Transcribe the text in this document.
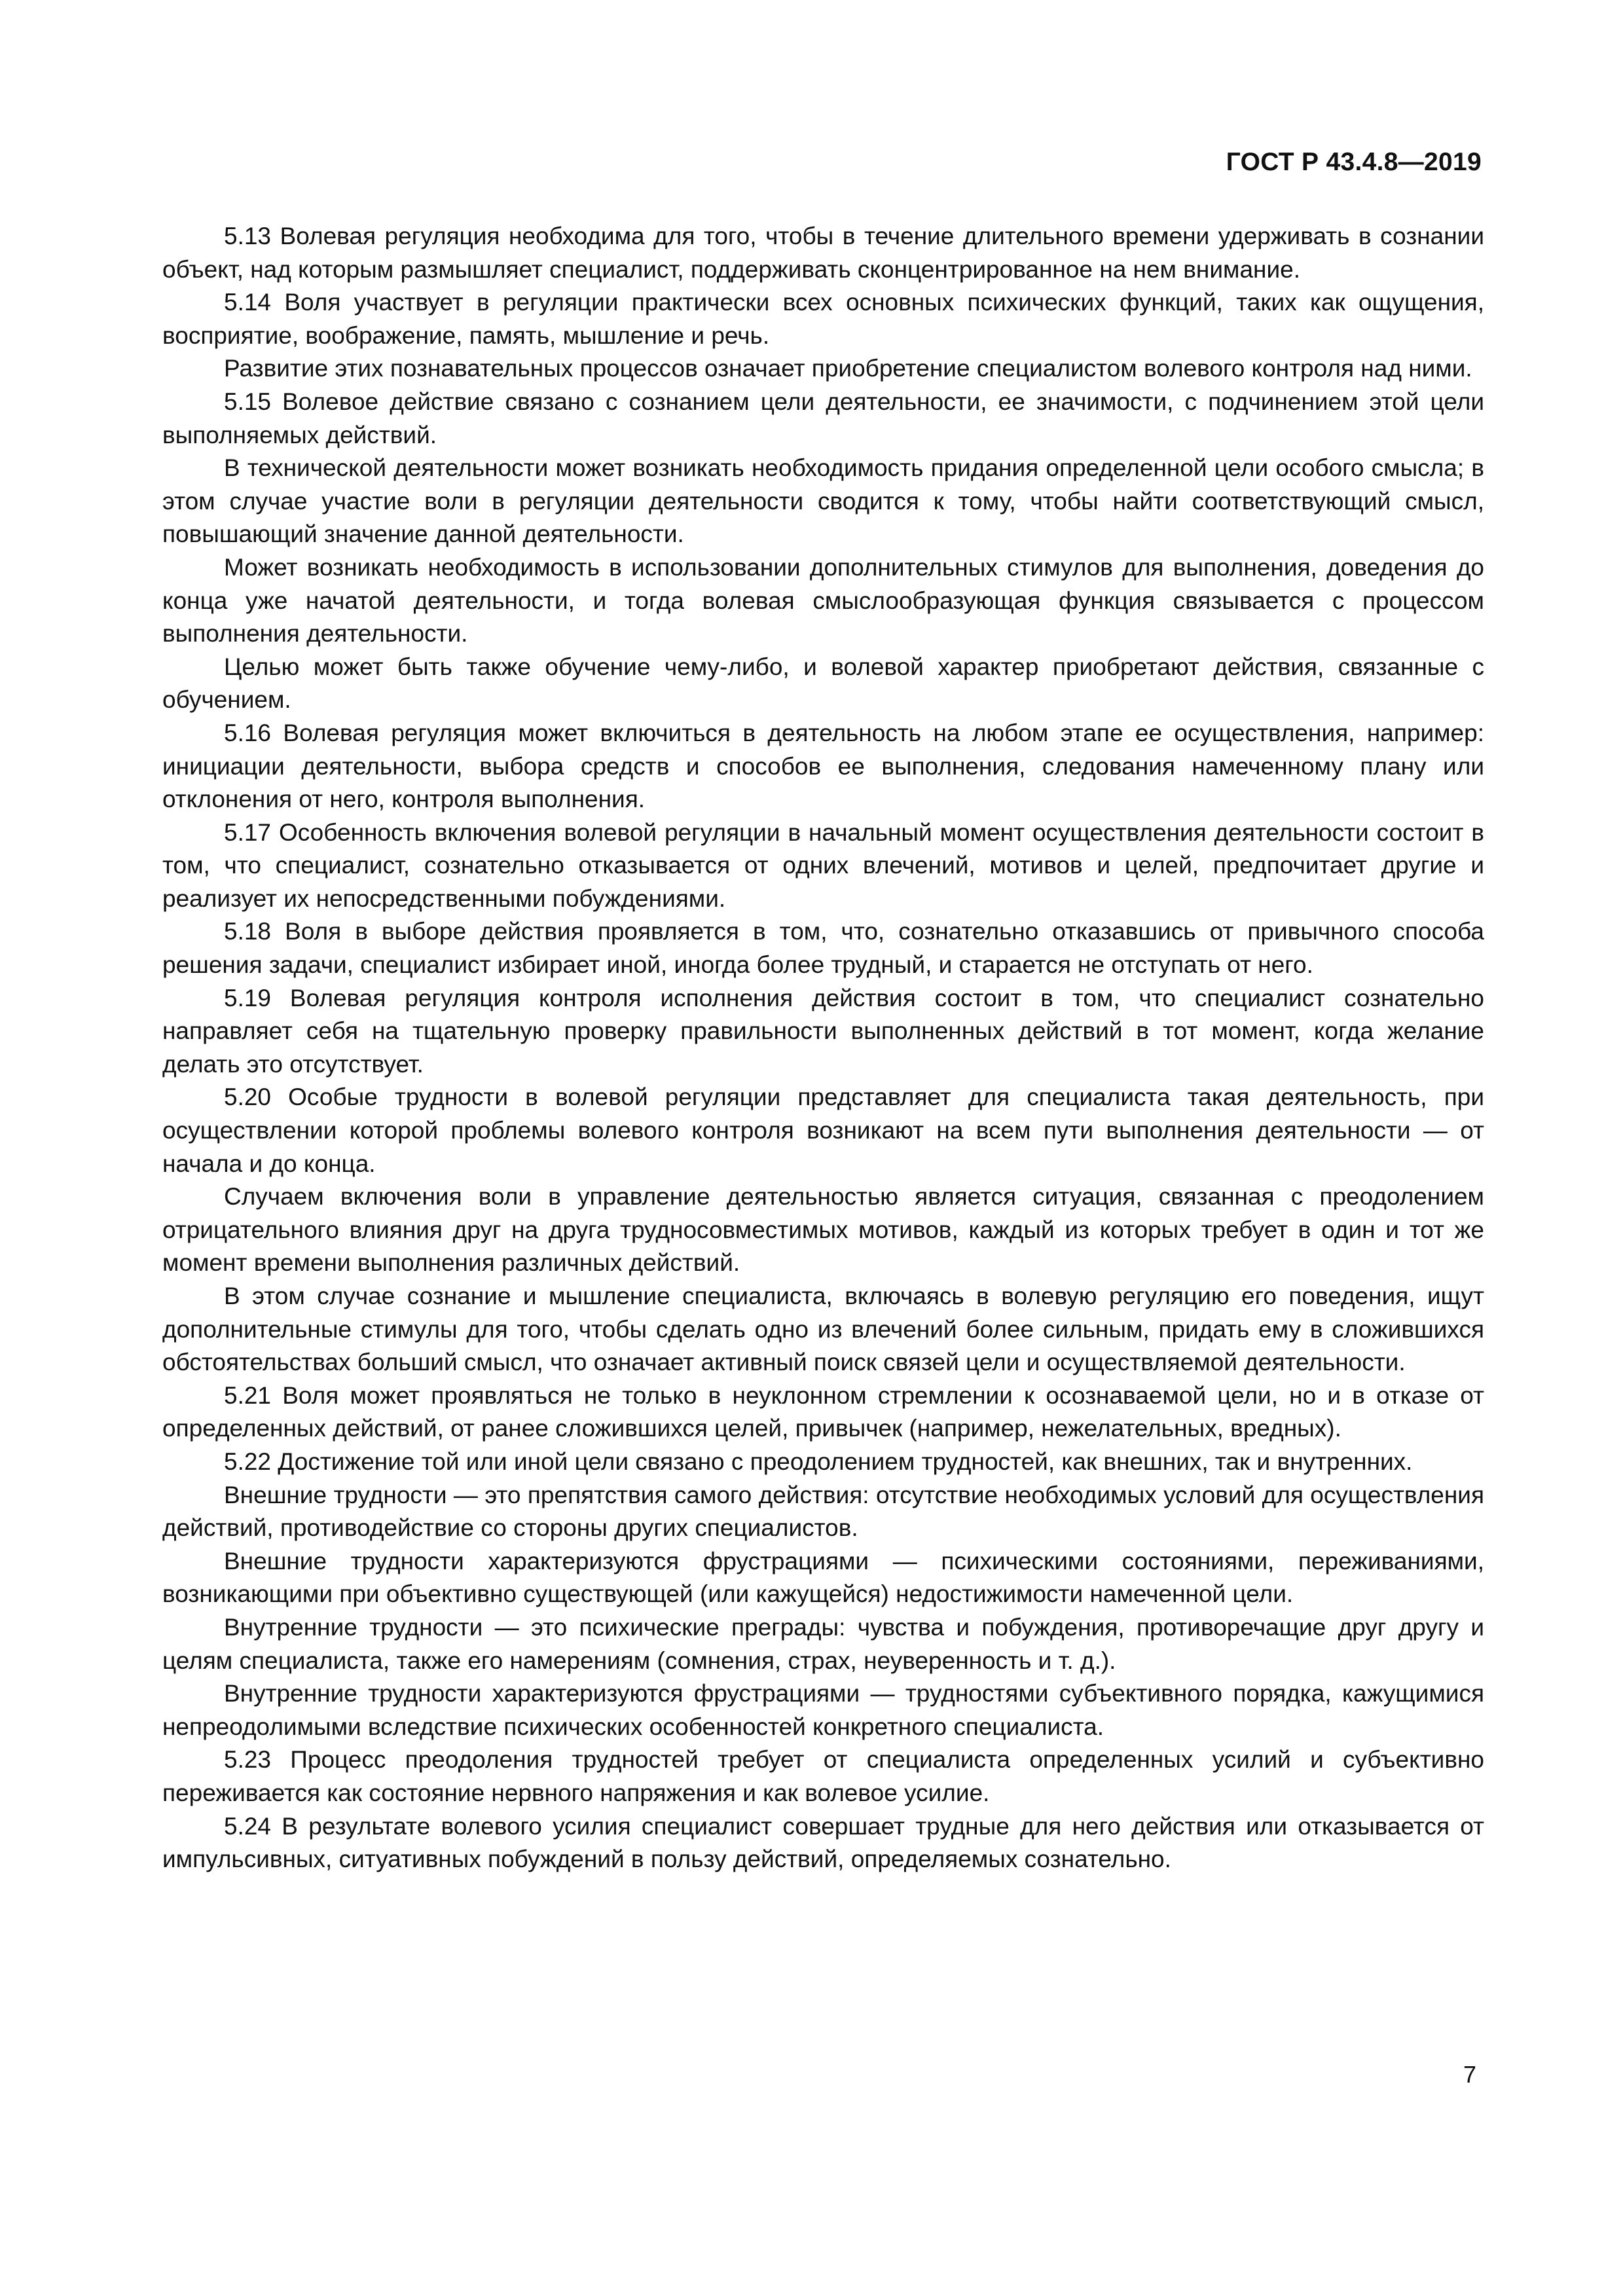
ГОСТ Р 43.4.8—2019

5.13 Волевая регуляция необходима для того, чтобы в течение длительного времени удерживать в сознании объект, над которым размышляет специалист, поддерживать сконцентрированное на нем внимание.

5.14 Воля участвует в регуляции практически всех основных психических функций, таких как ощущения, восприятие, воображение, память, мышление и речь.

Развитие этих познавательных процессов означает приобретение специалистом волевого контроля над ними.

5.15 Волевое действие связано с сознанием цели деятельности, ее значимости, с подчинением этой цели выполняемых действий.

В технической деятельности может возникать необходимость придания определенной цели особого смысла; в этом случае участие воли в регуляции деятельности сводится к тому, чтобы найти соответствующий смысл, повышающий значение данной деятельности.

Может возникать необходимость в использовании дополнительных стимулов для выполнения, доведения до конца уже начатой деятельности, и тогда волевая смыслообразующая функция связывается с процессом выполнения деятельности.

Целью может быть также обучение чему-либо, и волевой характер приобретают действия, связанные с обучением.

5.16 Волевая регуляция может включиться в деятельность на любом этапе ее осуществления, например: инициации деятельности, выбора средств и способов ее выполнения, следования намеченному плану или отклонения от него, контроля выполнения.

5.17 Особенность включения волевой регуляции в начальный момент осуществления деятельности состоит в том, что специалист, сознательно отказывается от одних влечений, мотивов и целей, предпочитает другие и реализует их непосредственными побуждениями.

5.18 Воля в выборе действия проявляется в том, что, сознательно отказавшись от привычного способа решения задачи, специалист избирает иной, иногда более трудный, и старается не отступать от него.

5.19 Волевая регуляция контроля исполнения действия состоит в том, что специалист сознательно направляет себя на тщательную проверку правильности выполненных действий в тот момент, когда желание делать это отсутствует.

5.20 Особые трудности в волевой регуляции представляет для специалиста такая деятельность, при осуществлении которой проблемы волевого контроля возникают на всем пути выполнения деятельности — от начала и до конца.

Случаем включения воли в управление деятельностью является ситуация, связанная с преодолением отрицательного влияния друг на друга трудносовместимых мотивов, каждый из которых требует в один и тот же момент времени выполнения различных действий.

В этом случае сознание и мышление специалиста, включаясь в волевую регуляцию его поведения, ищут дополнительные стимулы для того, чтобы сделать одно из влечений более сильным, придать ему в сложившихся обстоятельствах больший смысл, что означает активный поиск связей цели и осуществляемой деятельности.

5.21 Воля может проявляться не только в неуклонном стремлении к осознаваемой цели, но и в отказе от определенных действий, от ранее сложившихся целей, привычек (например, нежелательных, вредных).

5.22 Достижение той или иной цели связано с преодолением трудностей, как внешних, так и внутренних.

Внешние трудности — это препятствия самого действия: отсутствие необходимых условий для осуществления действий, противодействие со стороны других специалистов.

Внешние трудности характеризуются фрустрациями — психическими состояниями, переживаниями, возникающими при объективно существующей (или кажущейся) недостижимости намеченной цели.

Внутренние трудности — это психические преграды: чувства и побуждения, противоречащие друг другу и целям специалиста, также его намерениям (сомнения, страх, неуверенность и т. д.).

Внутренние трудности характеризуются фрустрациями — трудностями субъективного порядка, кажущимися непреодолимыми вследствие психических особенностей конкретного специалиста.

5.23 Процесс преодоления трудностей требует от специалиста определенных усилий и субъективно переживается как состояние нервного напряжения и как волевое усилие.

5.24 В результате волевого усилия специалист совершает трудные для него действия или отказывается от импульсивных, ситуативных побуждений в пользу действий, определяемых сознательно.

7
